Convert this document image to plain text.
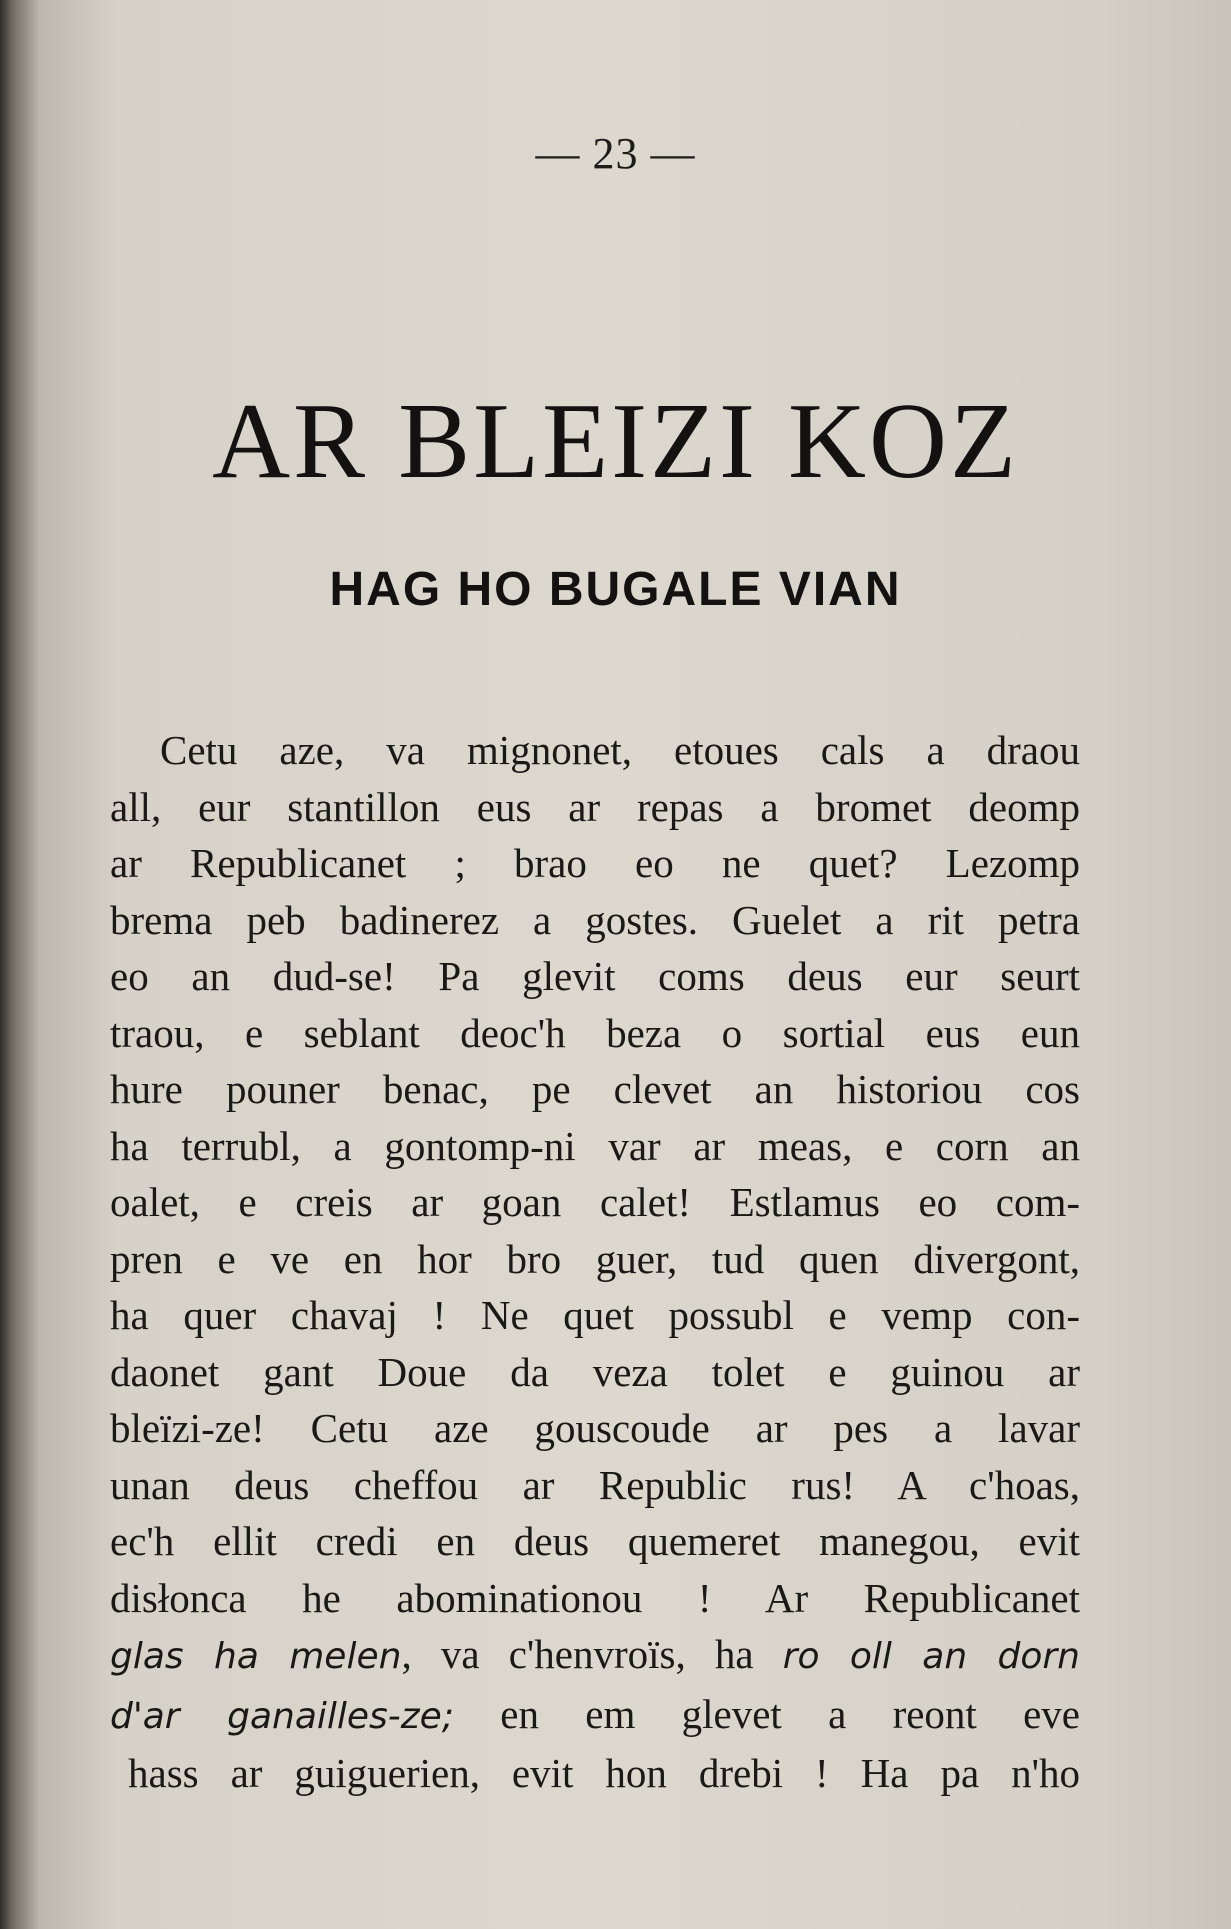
— 23 —
AR BLEIZI KOZ
HAG HO BUGALE VIAN
Cetu aze, va mignonet, etoues cals a draou
all, eur stantillon eus ar repas a bromet deomp
ar Republicanet ; brao eo ne quet? Lezomp
brema peb badinerez a gostes. Guelet a rit petra
eo an dud-se! Pa glevit coms deus eur seurt
traou, e seblant deoc'h beza o sortial eus eun
hure pouner benac, pe clevet an historiou cos
ha terrubl, a gontomp-ni var ar meas, e corn an
oalet, e creis ar goan calet! Estlamus eo com-
pren e ve en hor bro guer, tud quen divergont,
ha quer chavaj ! Ne quet possubl e vemp con-
daonet gant Doue da veza tolet e guinou ar
bleïzi-ze! Cetu aze gouscoude ar pes a lavar
unan deus cheffou ar Republic rus! A c'hoas,
ec'h ellit credi en deus quemeret manegou, evit
disłonca he abominationou ! Ar Republicanet
glas ha melen, va c'henvroïs, ha ro oll an dorn
d'ar ganailles-ze; en em glevet a reont eve
hass ar guiguerien, evit hon drebi ! Ha pa n'ho
